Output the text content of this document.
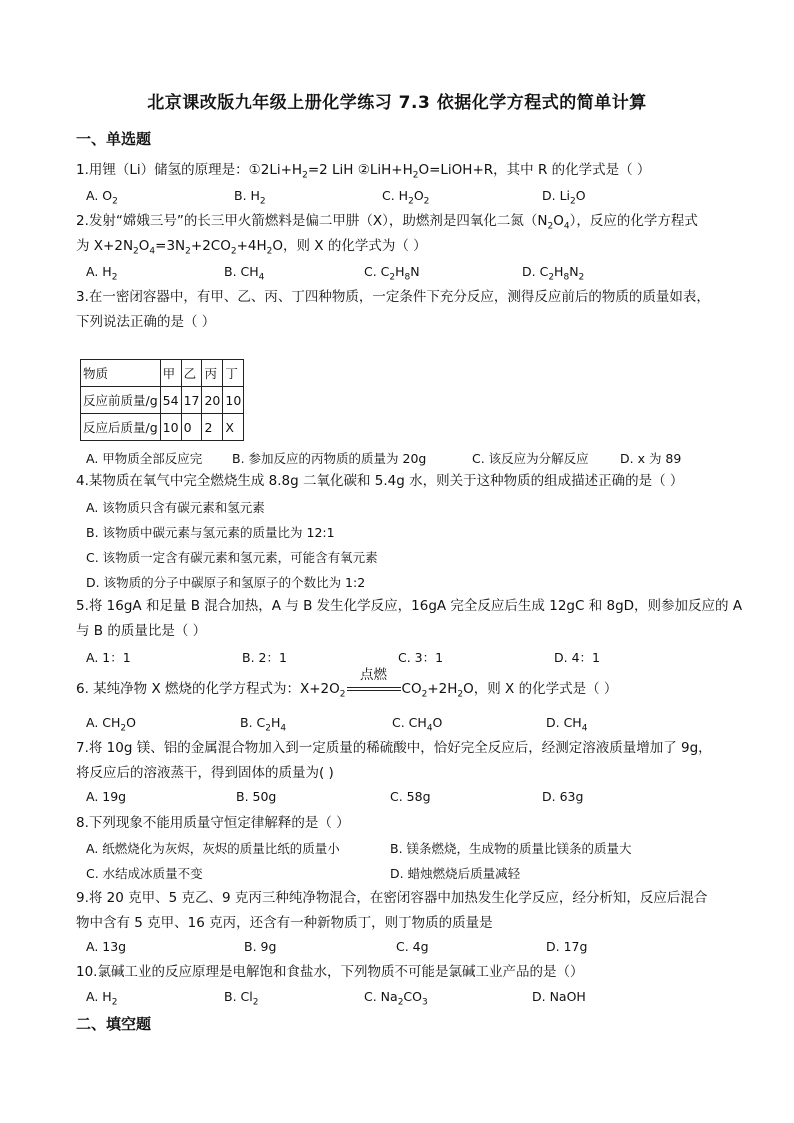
北京课改版九年级上册化学练习 7.3 依据化学方程式的简单计算
一、单选题
1.用锂（Li）储氢的原理是：$①2Li+H_2=2$ LiH $②LiH+H_2O=LiOH+R$，其中 R 的化学式是（ ）
A. $O_2$	B. $H_2$	C. $H_2O_2$	D. $Li_2O$
2.发射“嫦娥三号”的长三甲火箭燃料是偏二甲肼（X），助燃剂是四氧化二氮$(N_2O_4)$，反应的化学方程式
为 $X+2N_2O_4=3N_2+2CO_2+4H_2O$，则 X 的化学式为（ ）
A. $H_2$	B. $CH_4$	C. $C_2H_8N$	D. $C_2H_8N_2$
3.在一密闭容器中，有甲、乙、丙、丁四种物质，一定条件下充分反应，测得反应前后的物质的质量如表，
下列说法正确的是（ ）
物质	甲	乙	丙	丁
反应前质量/g	54	17	20	10
反应后质量/g	10	0	2	X
A. 甲物质全部反应完 B. 参加反应的丙物质的质量为 20g	C. 该反应为分解反应	D. x 为 89
4.某物质在氧气中完全燃烧生成 8.8g 二氧化碳和 5.4g 水，则关于这种物质的组成描述正确的是（ ）
A. 该物质只含有碳元素和氢元素
B. 该物质中碳元素与氢元素的质量比为 12:1
C. 该物质一定含有碳元素和氢元素，可能含有氧元素
D. 该物质的分子中碳原子和氢原子的个数比为 1:2
5.将 16gA 和足量 B 混合加热，A 与 B 发生化学反应，16gA 完全反应后生成 12gC 和 8gD，则参加反应的 A
与 B 的质量比是（ ）
A. 1：1	B. 2：1	C. 3：1	D. 4：1
6. 某纯净物 X 燃烧的化学方程式为：$X+2O_2$
点燃
$CO_2+2H_2O$，则 X 的化学式是（ ）
A. $CH_2O$	B. $C_2H_4$	C. $CH_4O$	D. $CH_4$
7.将 10g 镁、铝的金属混合物加入到一定质量的稀硫酸中，恰好完全反应后，经测定溶液质量增加了 9g，
将反应后的溶液蒸干，得到固体的质量为( )
A. 19g	B. 50g	C. 58g	D. 63g
8.下列现象不能用质量守恒定律解释的是（ ）
A. 纸燃烧化为灰烬，灰烬的质量比纸的质量小	B. 镁条燃烧，生成物的质量比镁条的质量大
C. 水结成冰质量不变	D. 蜡烛燃烧后质量减轻
9.将 20 克甲、5 克乙、9 克丙三种纯净物混合，在密闭容器中加热发生化学反应，经分析知，反应后混合
物中含有 5 克甲、16 克丙，还含有一种新物质丁，则丁物质的质量是
A. 13g	B. 9g	C. 4g	D. 17g
10.氯碱工业的反应原理是电解饱和食盐水，下列物质不可能是氯碱工业产品的是（）
A. $H_2$	B. $Cl_2$	C. $Na_2CO_3$	D. NaOH
二、填空题
